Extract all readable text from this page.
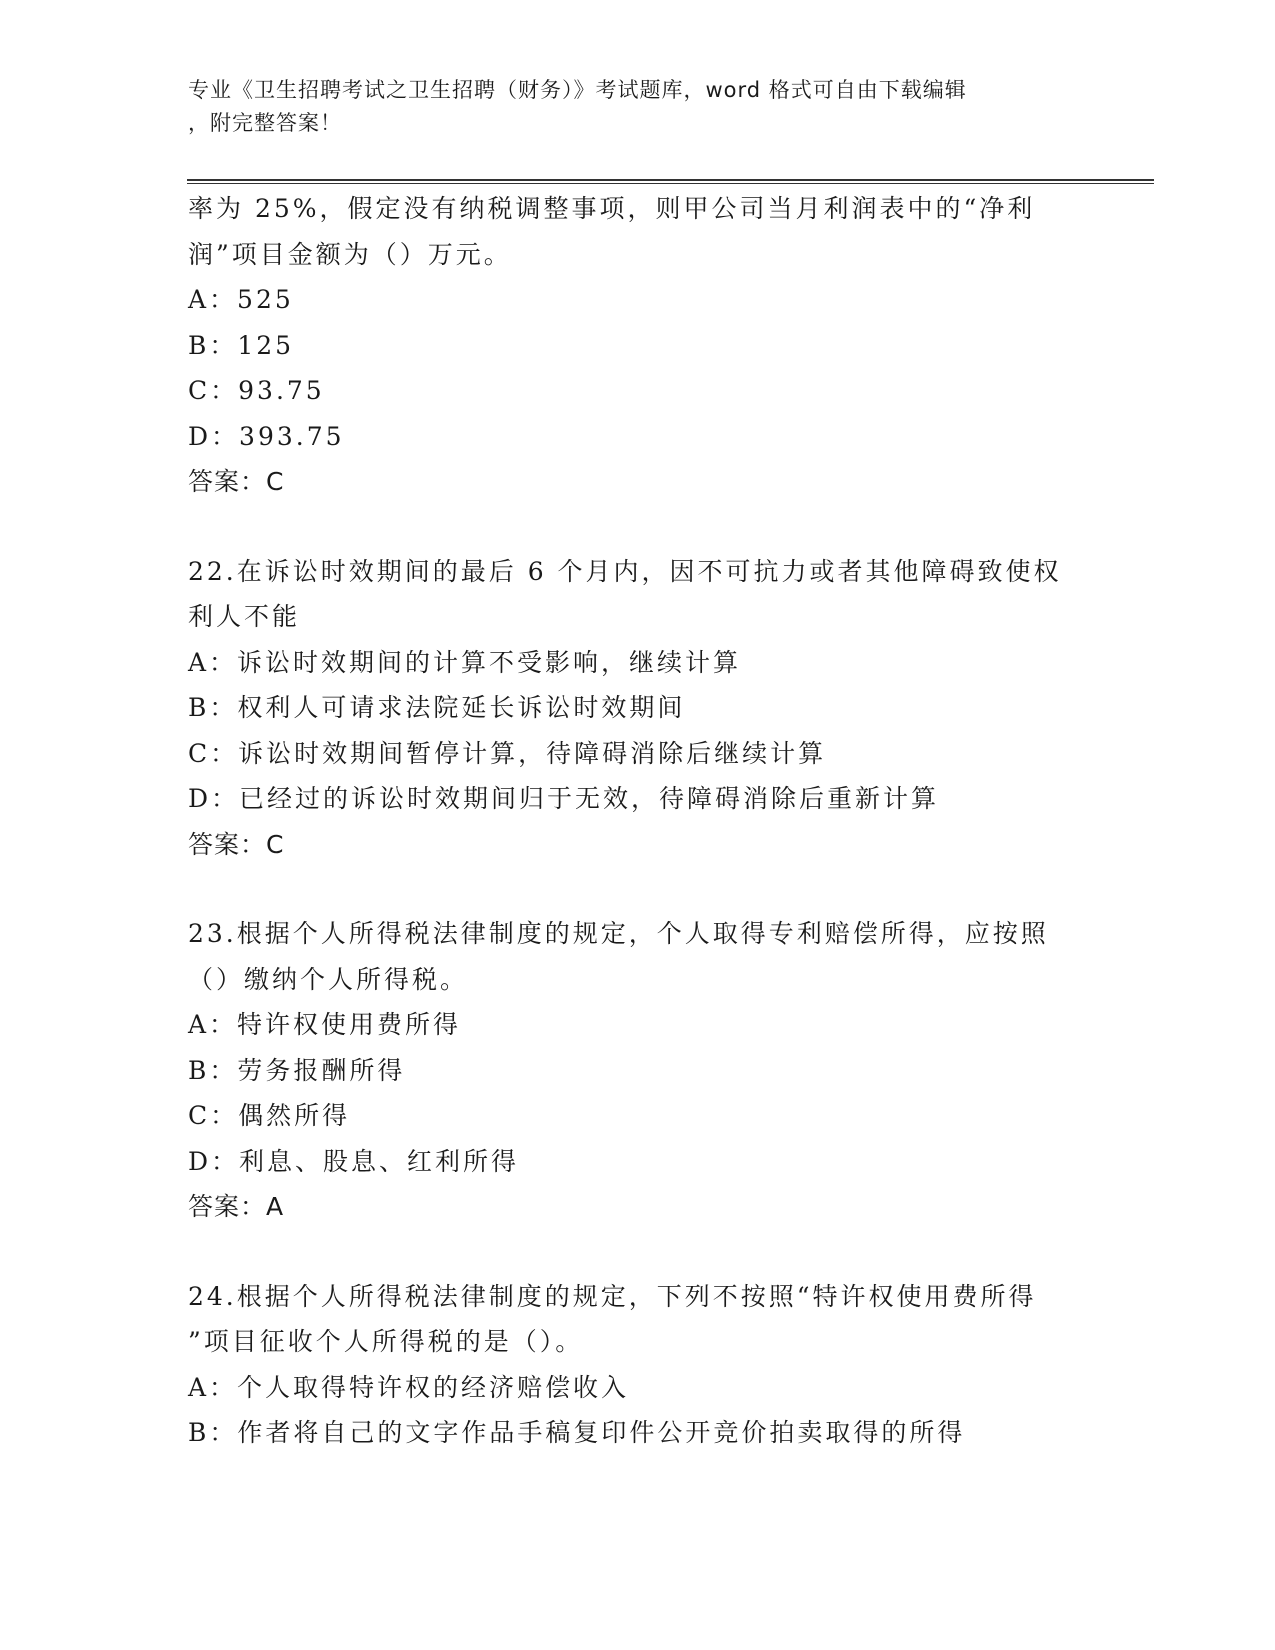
专业《卫生招聘考试之卫生招聘（财务）》考试题库，word 格式可自由下载编辑
，附完整答案！
率为 25%，假定没有纳税调整事项，则甲公司当月利润表中的“净利
润”项目金额为（）万元。
A：525
B：125
C：93.75
D：393.75
答案：C
22.在诉讼时效期间的最后 6 个月内，因不可抗力或者其他障碍致使权
利人不能
A：诉讼时效期间的计算不受影响，继续计算
B：权利人可请求法院延长诉讼时效期间
C：诉讼时效期间暂停计算，待障碍消除后继续计算
D：已经过的诉讼时效期间归于无效，待障碍消除后重新计算
答案：C
23.根据个人所得税法律制度的规定，个人取得专利赔偿所得，应按照
（）缴纳个人所得税。
A：特许权使用费所得
B：劳务报酬所得
C：偶然所得
D：利息、股息、红利所得
答案：A
24.根据个人所得税法律制度的规定，下列不按照“特许权使用费所得
”项目征收个人所得税的是（）。
A：个人取得特许权的经济赔偿收入
B：作者将自己的文字作品手稿复印件公开竞价拍卖取得的所得
